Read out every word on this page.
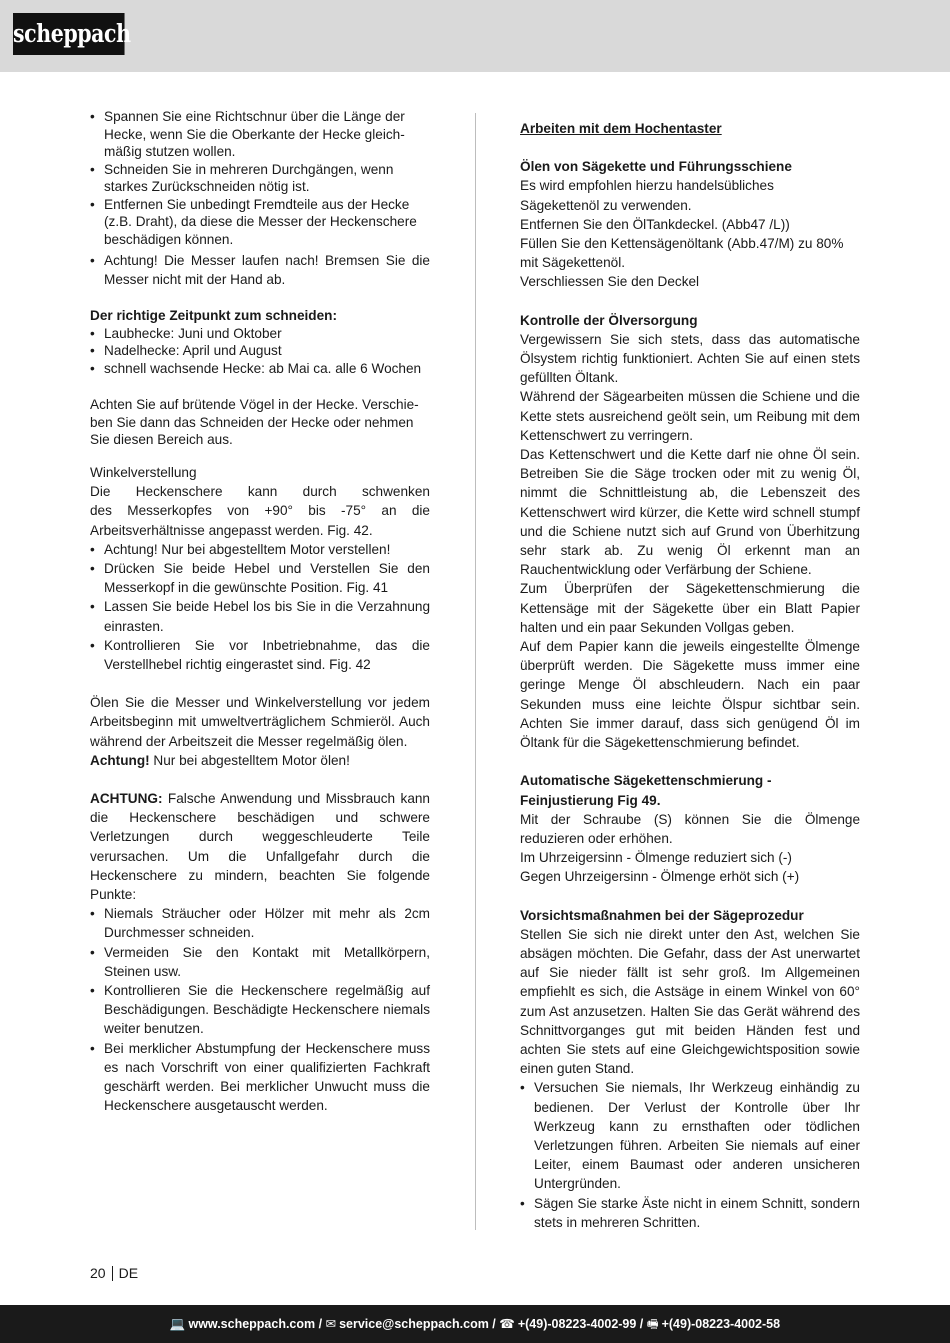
scheppach
• Spannen Sie eine Richtschnur über die Länge der Hecke, wenn Sie die Oberkante der Hecke gleich-mäßig stutzen wollen.
• Schneiden Sie in mehreren Durchgängen, wenn starkes Zurückschneiden nötig ist.
• Entfernen Sie unbedingt Fremdteile aus der Hecke (z.B. Draht), da diese die Messer der Heckenschere beschädigen können.
• Achtung! Die Messer laufen nach! Bremsen Sie die Messer nicht mit der Hand ab.
Der richtige Zeitpunkt zum schneiden:
• Laubhecke: Juni und Oktober
• Nadelhecke: April und August
• schnell wachsende Hecke: ab Mai ca. alle 6 Wochen
Achten Sie auf brütende Vögel in der Hecke. Verschie-ben Sie dann das Schneiden der Hecke oder nehmen Sie diesen Bereich aus.
Winkelverstellung
Die Heckenschere kann durch schwenken
des Messerkopfes von +90° bis -75° an die Arbeitsverhältnisse angepasst werden. Fig. 42.
• Achtung! Nur bei abgestelltem Motor verstellen!
• Drücken Sie beide Hebel und Verstellen Sie den Messerkopf in die gewünschte Position. Fig. 41
• Lassen Sie beide Hebel los bis Sie in die Verzahnung einrasten.
• Kontrollieren Sie vor Inbetriebnahme, das die Verstellhebel richtig eingerastet sind. Fig. 42
Ölen Sie die Messer und Winkelverstellung vor jedem Arbeitsbeginn mit umweltverträglichem Schmieröl. Auch während der Arbeitszeit die Messer regelmäßig ölen.
Achtung! Nur bei abgestelltem Motor ölen!
ACHTUNG: Falsche Anwendung und Missbrauch kann die Heckenschere beschädigen und schwere Verletzungen durch weggeschleuderte Teile verursachen. Um die Unfallgefahr durch die Heckenschere zu mindern, beachten Sie folgende Punkte:
• Niemals Sträucher oder Hölzer mit mehr als 2cm Durchmesser schneiden.
• Vermeiden Sie den Kontakt mit Metallkörpern, Steinen usw.
• Kontrollieren Sie die Heckenschere regelmäßig auf Beschädigungen. Beschädigte Heckenschere niemals weiter benutzen.
• Bei merklicher Abstumpfung der Heckenschere muss es nach Vorschrift von einer qualifizierten Fachkraft geschärft werden. Bei merklicher Unwucht muss die Heckenschere ausgetauscht werden.
Arbeiten mit dem Hochentaster
Ölen von Sägekette und Führungsschiene
Es wird empfohlen hierzu handelsübliches
Sägekettenöl zu verwenden.
Entfernen Sie den ÖlTankdeckel. (Abb47 /L))
Füllen Sie den Kettensägenöltank (Abb.47/M) zu 80%
mit Sägekettenöl.
Verschliessen Sie den Deckel
Kontrolle der Ölversorgung
Vergewissern Sie sich stets, dass das automatische Ölsystem richtig funktioniert. Achten Sie auf einen stets gefüllten Öltank.
Während der Sägearbeiten müssen die Schiene und die Kette stets ausreichend geölt sein, um Reibung mit dem Kettenschwert zu verringern.
Das Kettenschwert und die Kette darf nie ohne Öl sein. Betreiben Sie die Säge trocken oder mit zu wenig Öl, nimmt die Schnittleistung ab, die Lebenszeit des Kettenschwert wird kürzer, die Kette wird schnell stumpf und die Schiene nutzt sich auf Grund von Überhitzung sehr stark ab. Zu wenig Öl erkennt man an Rauchentwicklung oder Verfärbung der Schiene.
Zum Überprüfen der Sägekettenschmierung die Kettensäge mit der Sägekette über ein Blatt Papier halten und ein paar Sekunden Vollgas geben.
Auf dem Papier kann die jeweils eingestellte Ölmenge überprüft werden. Die Sägekette muss immer eine geringe Menge Öl abschleudern. Nach ein paar Sekunden muss eine leichte Ölspur sichtbar sein. Achten Sie immer darauf, dass sich genügend Öl im Öltank für die Sägekettenschmierung befindet.
Automatische Sägekettenschmierung -
Feinjustierung Fig 49.
Mit der Schraube (S) können Sie die Ölmenge reduzieren oder erhöhen.
Im Uhrzeigersinn - Ölmenge reduziert sich (-)
Gegen Uhrzeigersinn - Ölmenge erhöt sich (+)
Vorsichtsmaßnahmen bei der Sägeprozedur
Stellen Sie sich nie direkt unter den Ast, welchen Sie absägen möchten. Die Gefahr, dass der Ast unerwartet auf Sie nieder fällt ist sehr groß. Im Allgemeinen empfiehlt es sich, die Astsäge in einem Winkel von 60° zum Ast anzusetzen. Halten Sie das Gerät während des Schnittvorganges gut mit beiden Händen fest und achten Sie stets auf eine Gleichgewichtsposition sowie einen guten Stand.
• Versuchen Sie niemals, Ihr Werkzeug einhändig zu bedienen. Der Verlust der Kontrolle über Ihr Werkzeug kann zu ernsthaften oder tödlichen Verletzungen führen. Arbeiten Sie niemals auf einer Leiter, einem Baumast oder anderen unsicheren Untergründen.
• Sägen Sie starke Äste nicht in einem Schnitt, sondern stets in mehreren Schritten.
20 DE
💻 www.scheppach.com / ✉ service@scheppach.com / ☎ +(49)-08223-4002-99 / 🖷 +(49)-08223-4002-58
